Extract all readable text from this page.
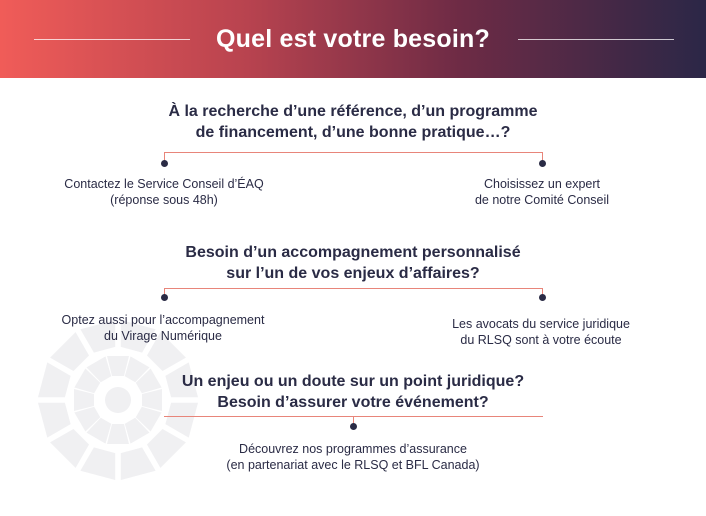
Quel est votre besoin?
À la recherche d’une référence, d’un programme
de financement, d’une bonne pratique…?
Contactez le Service Conseil d’ÉAQ
(réponse sous 48h)
Choisissez un expert
de notre Comité Conseil
Besoin d’un accompagnement personnalisé
sur l’un de vos enjeux d’affaires?
Optez aussi pour l’accompagnement
du Virage Numérique
Les avocats du service juridique
du RLSQ sont à votre écoute
Un enjeu ou un doute sur un point juridique?
Besoin d’assurer votre événement?
Découvrez nos programmes d’assurance
(en partenariat avec le RLSQ et BFL Canada)
